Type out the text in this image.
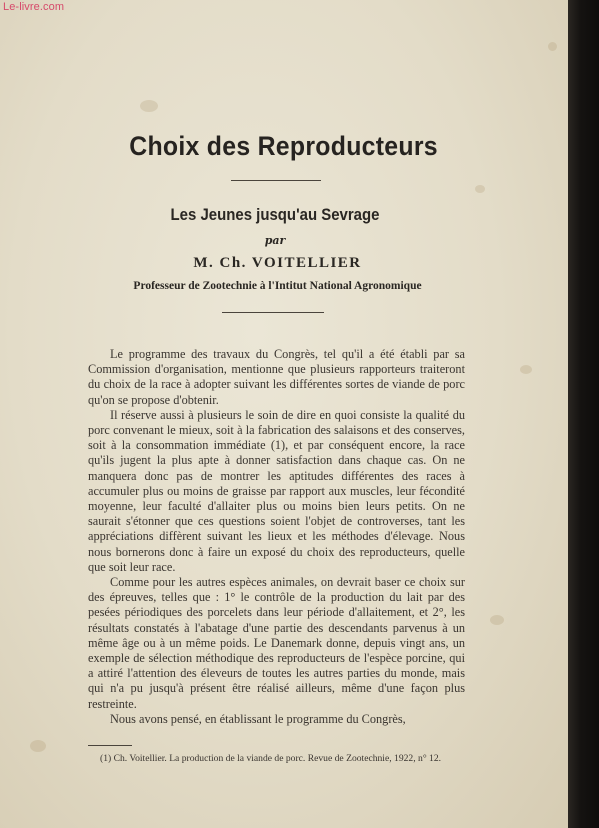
Le-livre.com
Choix des Reproducteurs
Les Jeunes jusqu'au Sevrage
par
M. Ch. VOITELLIER
Professeur de Zootechnie à l'Intitut National Agronomique

Le programme des travaux du Congrès, tel qu'il a été établi par sa Commission d'organisation, mentionne que plusieurs rapporteurs traiteront du choix de la race à adopter suivant les différentes sortes de viande de porc qu'on se propose d'obtenir.

Il réserve aussi à plusieurs le soin de dire en quoi consiste la qualité du porc convenant le mieux, soit à la fabrication des salaisons et des conserves, soit à la consommation immédiate (1), et par conséquent encore, la race qu'ils jugent la plus apte à donner satisfaction dans chaque cas. On ne manquera donc pas de montrer les aptitudes différentes des races à accumuler plus ou moins de graisse par rapport aux muscles, leur fécondité moyenne, leur faculté d'allaiter plus ou moins bien leurs petits. On ne saurait s'étonner que ces questions soient l'objet de controverses, tant les appréciations diffèrent suivant les lieux et les méthodes d'élevage. Nous nous bornerons donc à faire un exposé du choix des reproducteurs, quelle que soit leur race.

Comme pour les autres espèces animales, on devrait baser ce choix sur des épreuves, telles que : 1° le contrôle de la production du lait par des pesées périodiques des porcelets dans leur période d'allaitement, et 2°, les résultats constatés à l'abatage d'une partie des descendants parvenus à un même âge ou à un même poids. Le Danemark donne, depuis vingt ans, un exemple de sélection méthodique des reproducteurs de l'espèce porcine, qui a attiré l'attention des éleveurs de toutes les autres parties du monde, mais qui n'a pu jusqu'à présent être réalisé ailleurs, même d'une façon plus restreinte.

Nous avons pensé, en établissant le programme du Congrès,

(1) Ch. Voitellier. La production de la viande de porc. Revue de Zootechnie, 1922, n° 12.
